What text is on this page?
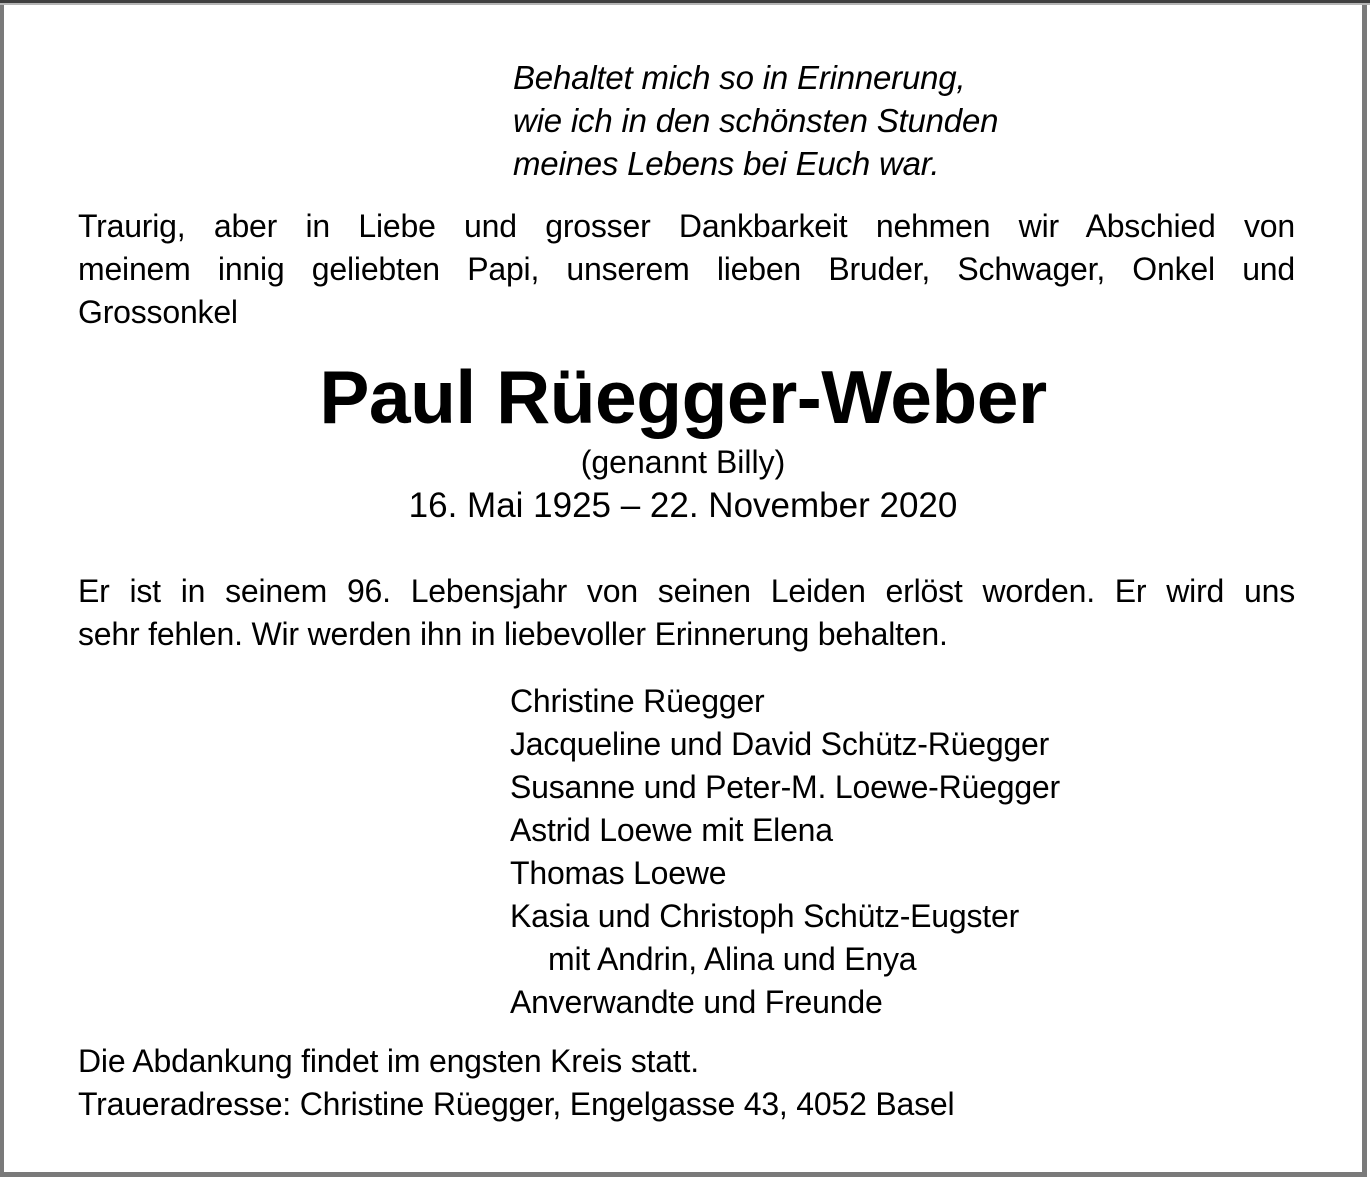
Behaltet mich so in Erinnerung,
wie ich in den schönsten Stunden
meines Lebens bei Euch war.
Traurig, aber in Liebe und grosser Dankbarkeit nehmen wir Abschied von
meinem innig geliebten Papi, unserem lieben Bruder, Schwager, Onkel und
Grossonkel
Paul Rüegger-Weber
(genannt Billy)
16. Mai 1925 – 22. November 2020
Er ist in seinem 96. Lebensjahr von seinen Leiden erlöst worden. Er wird uns
sehr fehlen. Wir werden ihn in liebevoller Erinnerung behalten.
Christine Rüegger
Jacqueline und David Schütz-Rüegger
Susanne und Peter-M. Loewe-Rüegger
Astrid Loewe mit Elena
Thomas Loewe
Kasia und Christoph Schütz-Eugster
mit Andrin, Alina und Enya
Anverwandte und Freunde
Die Abdankung findet im engsten Kreis statt.
Traueradresse: Christine Rüegger, Engelgasse 43, 4052 Basel
